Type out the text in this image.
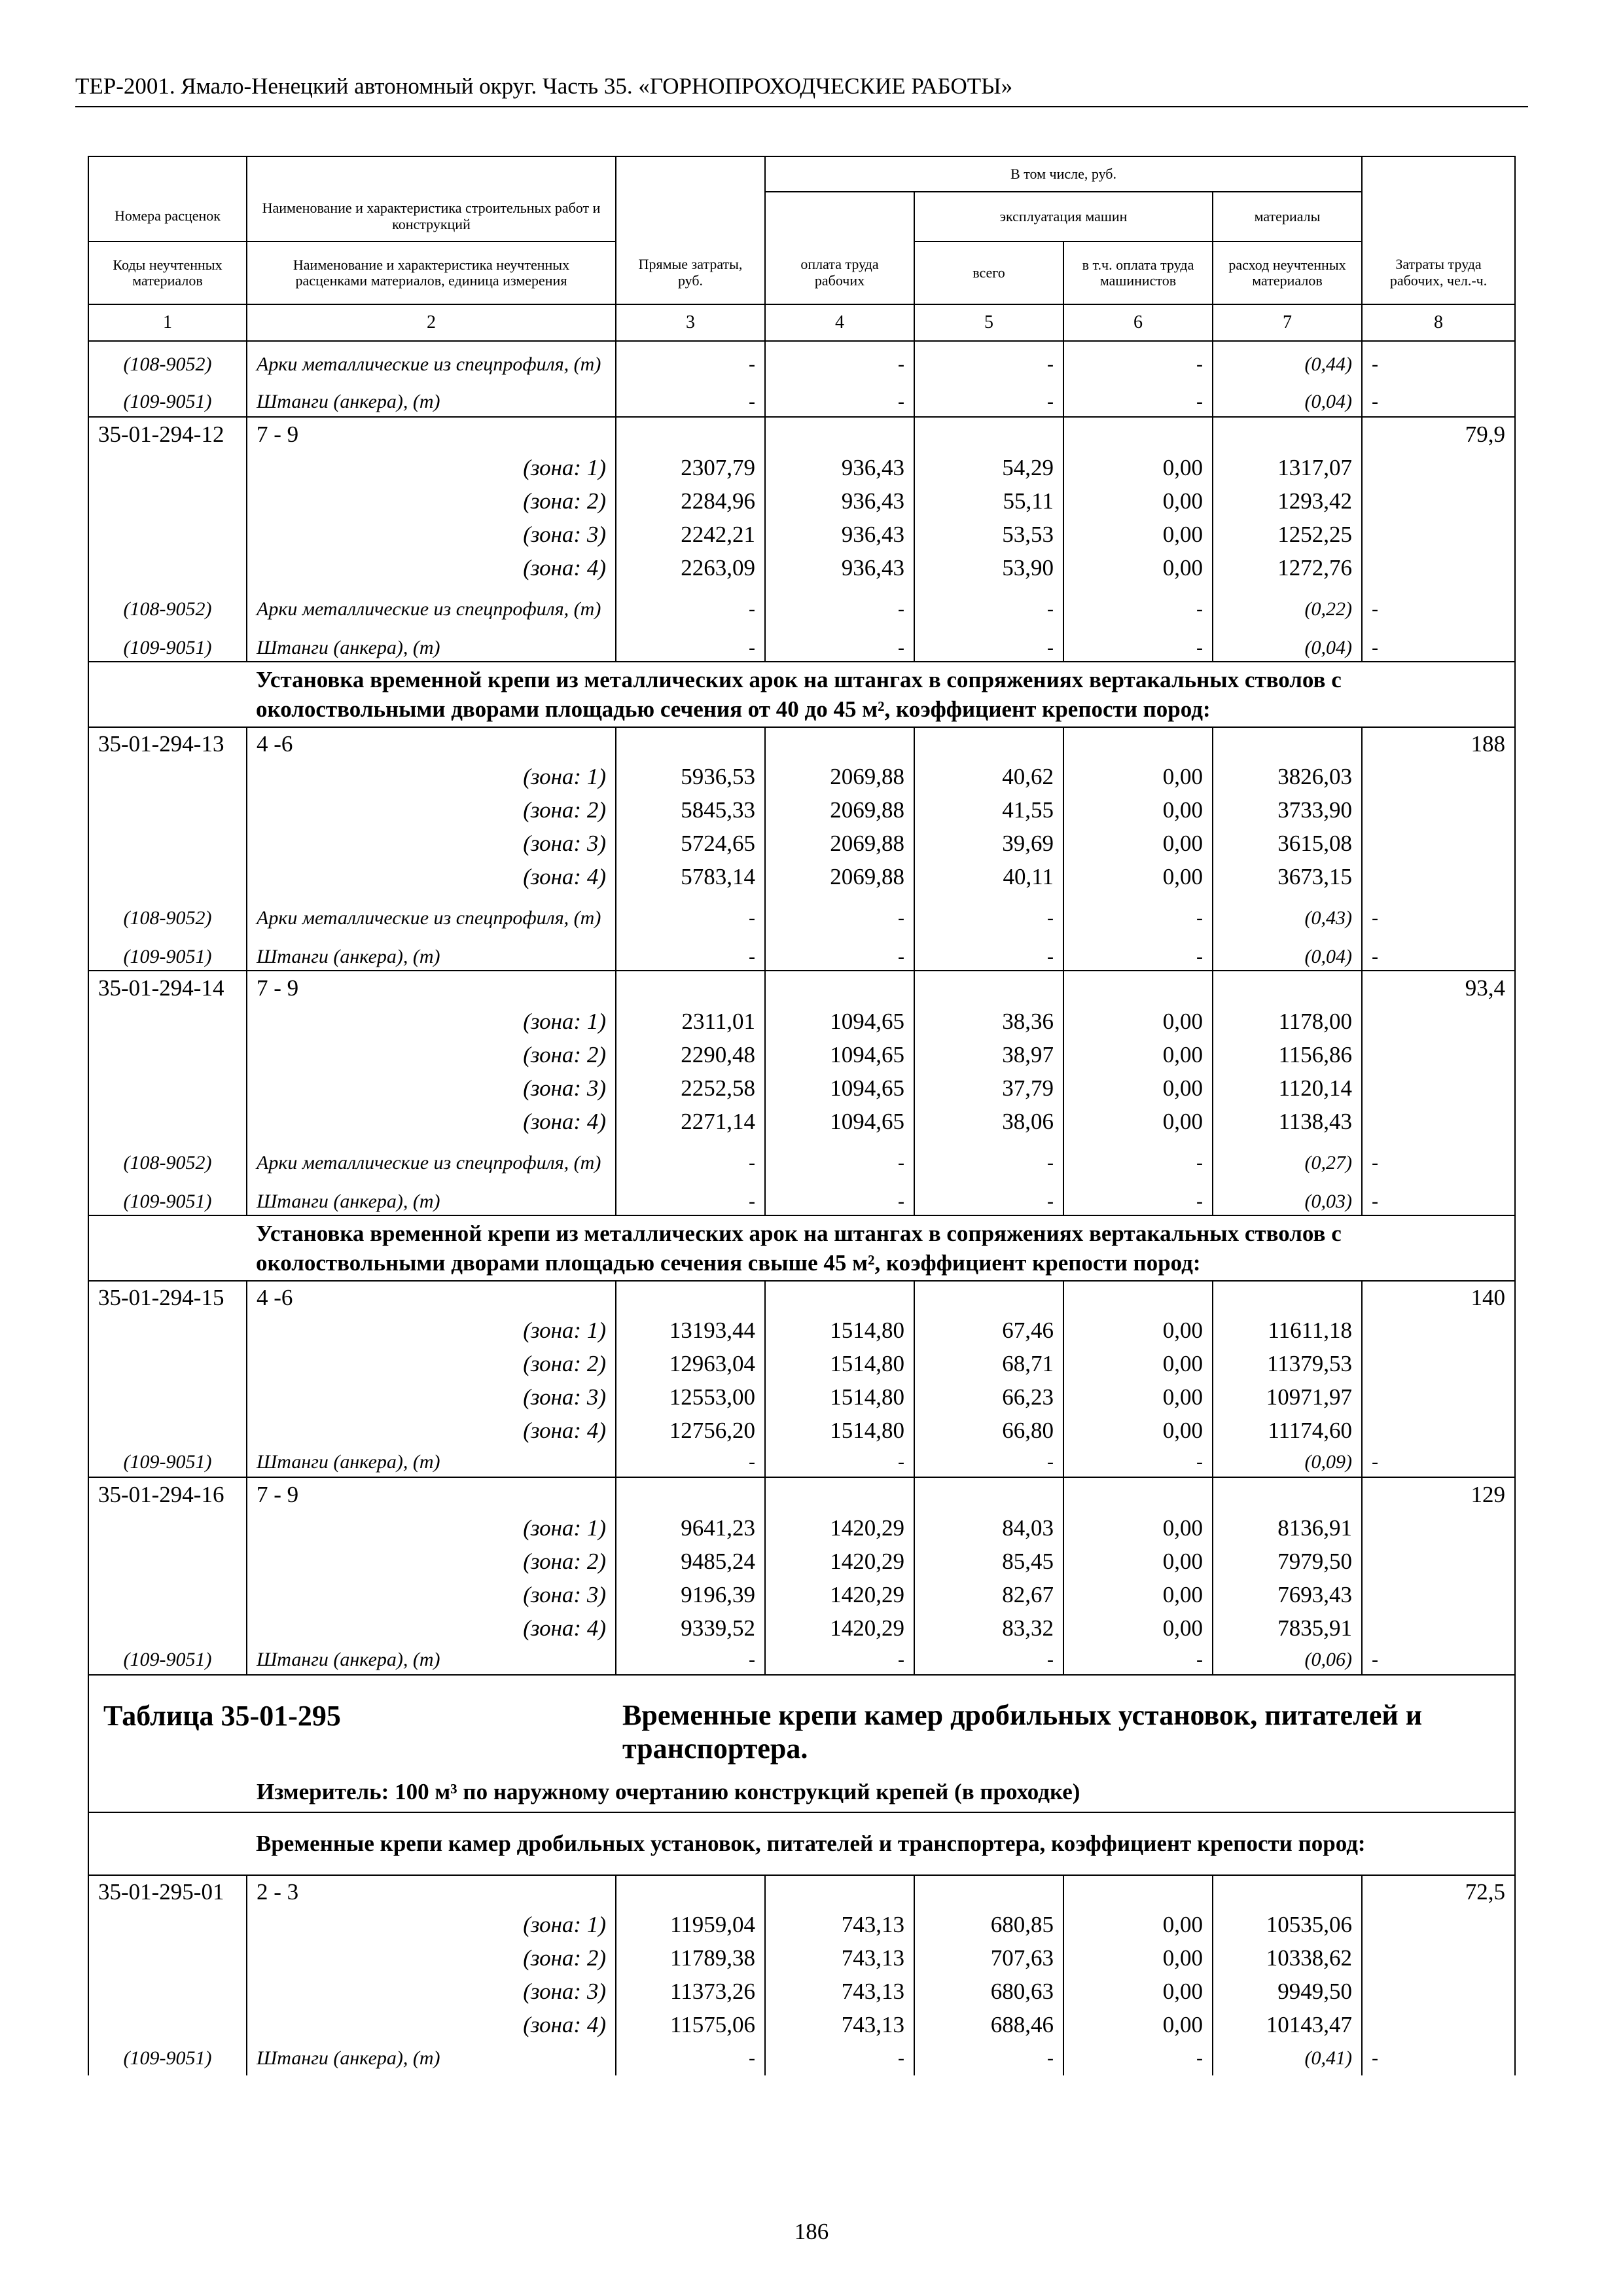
ТЕР-2001. Ямало-Ненецкий автономный округ. Часть 35. «ГОРНОПРОХОДЧЕСКИЕ РАБОТЫ»
			В том числе, руб.				
Номера расценок	Наименование и характеристика строительных работ и конструкций			эксплуатация машин		материалы	
Коды неучтенных материалов	Наименование и характеристика неучтенных расценками материалов, единица измерения	Прямые затраты, руб.	оплата труда рабочих	всего	в т.ч. оплата труда машинистов	расход неучтенных материалов	Затраты труда рабочих, чел.-ч.
1	2	3	4	5	6	7	8
(108-9052)	Арки металлические из спецпрофиля, (т)	-	-	-	-	(0,44)	-
(109-9051)	Штанги (анкера), (т)	-	-	-	-	(0,04)	-
35-01-294-12	7 - 9						79,9
	(зона: 1)	2307,79	936,43	54,29	0,00	1317,07	
	(зона: 2)	2284,96	936,43	55,11	0,00	1293,42	
	(зона: 3)	2242,21	936,43	53,53	0,00	1252,25	
	(зона: 4)	2263,09	936,43	53,90	0,00	1272,76	
(108-9052)	Арки металлические из спецпрофиля, (т)	-	-	-	-	(0,22)	-
(109-9051)	Штанги (анкера), (т)	-	-	-	-	(0,04)	-
	Установка временной крепи из металлических арок на штангах в сопряжениях вертакальных стволов с околоствольными дворами площадью сечения от 40 до 45 м², коэффициент крепости пород:						
35-01-294-13	4 -6						188
	(зона: 1)	5936,53	2069,88	40,62	0,00	3826,03	
	(зона: 2)	5845,33	2069,88	41,55	0,00	3733,90	
	(зона: 3)	5724,65	2069,88	39,69	0,00	3615,08	
	(зона: 4)	5783,14	2069,88	40,11	0,00	3673,15	
(108-9052)	Арки металлические из спецпрофиля, (т)	-	-	-	-	(0,43)	-
(109-9051)	Штанги (анкера), (т)	-	-	-	-	(0,04)	-
35-01-294-14	7 - 9						93,4
	(зона: 1)	2311,01	1094,65	38,36	0,00	1178,00	
	(зона: 2)	2290,48	1094,65	38,97	0,00	1156,86	
	(зона: 3)	2252,58	1094,65	37,79	0,00	1120,14	
	(зона: 4)	2271,14	1094,65	38,06	0,00	1138,43	
(108-9052)	Арки металлические из спецпрофиля, (т)	-	-	-	-	(0,27)	-
(109-9051)	Штанги (анкера), (т)	-	-	-	-	(0,03)	-
	Установка временной крепи из металлических арок на штангах в сопряжениях вертакальных стволов с околоствольными дворами площадью сечения свыше 45 м², коэффициент крепости пород:						
35-01-294-15	4 -6						140
	(зона: 1)	13193,44	1514,80	67,46	0,00	11611,18	
	(зона: 2)	12963,04	1514,80	68,71	0,00	11379,53	
	(зона: 3)	12553,00	1514,80	66,23	0,00	10971,97	
	(зона: 4)	12756,20	1514,80	66,80	0,00	11174,60	
(109-9051)	Штанги (анкера), (т)	-	-	-	-	(0,09)	-
35-01-294-16	7 - 9						129
	(зона: 1)	9641,23	1420,29	84,03	0,00	8136,91	
	(зона: 2)	9485,24	1420,29	85,45	0,00	7979,50	
	(зона: 3)	9196,39	1420,29	82,67	0,00	7693,43	
	(зона: 4)	9339,52	1420,29	83,32	0,00	7835,91	
(109-9051)	Штанги (анкера), (т)	-	-	-	-	(0,06)	-

Таблица 35-01-295 Временные крепи камер дробильных установок, питателей и транспортера.
Измеритель: 100 м³ по наружному очертанию конструкций крепей (в проходке)							

	Временные крепи камер дробильных установок, питателей и транспортера, коэффициент крепости пород:						
35-01-295-01	2 - 3						72,5
	(зона: 1)	11959,04	743,13	680,85	0,00	10535,06	
	(зона: 2)	11789,38	743,13	707,63	0,00	10338,62	
	(зона: 3)	11373,26	743,13	680,63	0,00	9949,50	
	(зона: 4)	11575,06	743,13	688,46	0,00	10143,47	
(109-9051)	Штанги (анкера), (т)	-	-	-	-	(0,41)	-
186
